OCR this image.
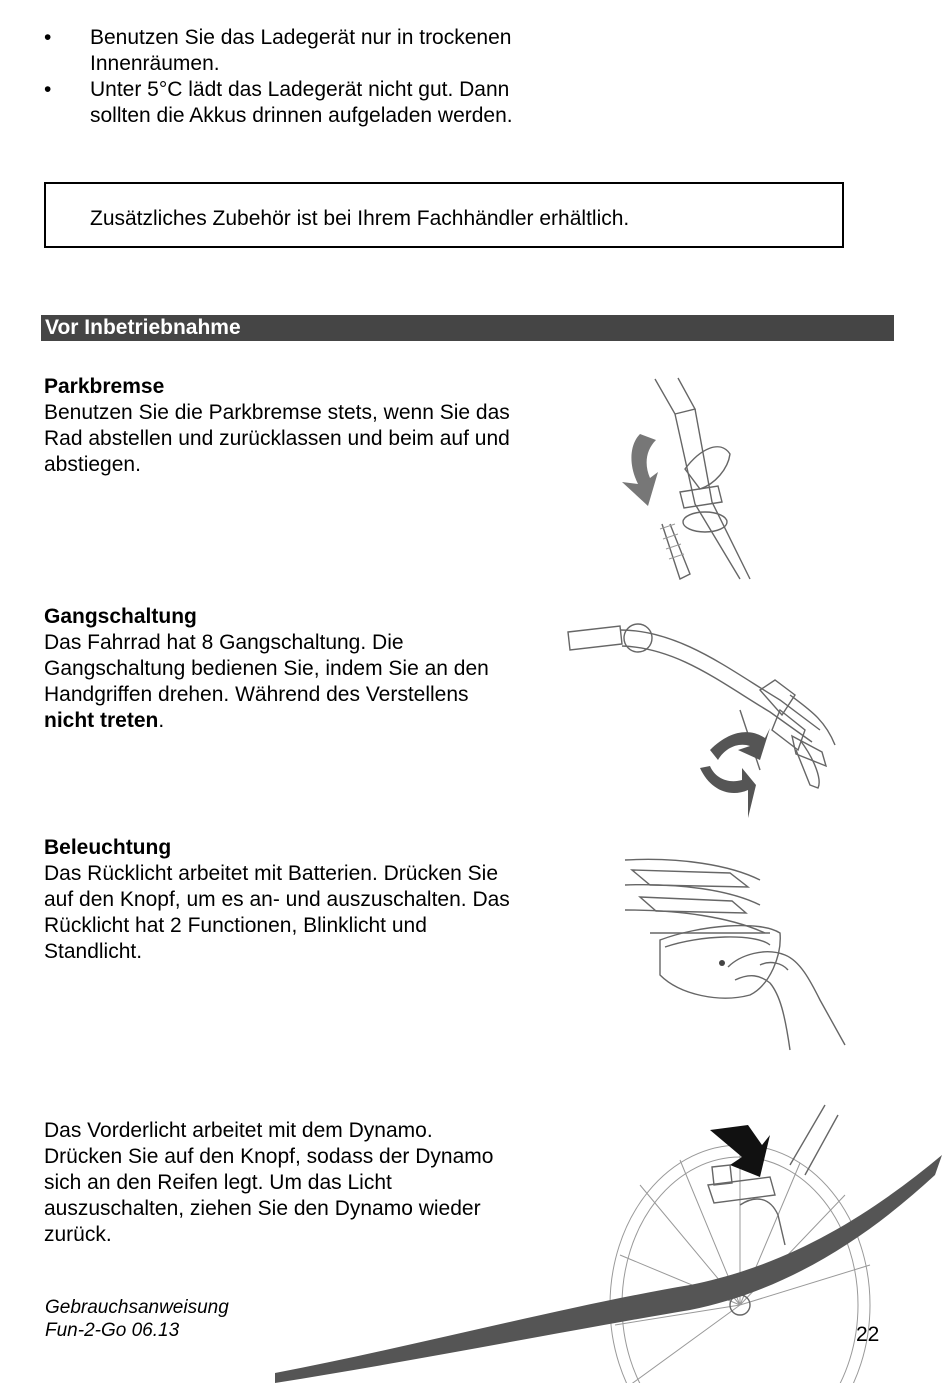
• Benutzen Sie das Ladegerät nur in trockenen Innenräumen.
• Unter 5°C lädt das Ladegerät nicht gut. Dann sollten die Akkus drinnen aufgeladen werden.
Zusätzliches Zubehör ist bei Ihrem Fachhändler erhältlich.
Vor Inbetriebnahme
Parkbremse

Benutzen Sie die Parkbremse stets, wenn Sie das Rad abstellen und zurücklassen und beim auf und abstiegen.

Gangschaltung

Das Fahrrad hat 8 Gangschaltung. Die Gangschaltung bedienen Sie, indem Sie an den Handgriffen drehen. Während des Verstellens nicht treten.

Beleuchtung

Das Rücklicht arbeitet mit Batterien. Drücken Sie auf den Knopf, um es an- und auszuschalten. Das Rücklicht hat 2 Functionen, Blinklicht und Standlicht.

Das Vorderlicht arbeitet mit dem Dynamo. Drücken Sie auf den Knopf, sodass der Dynamo sich an den Reifen legt. Um das Licht auszuschalten, ziehen Sie den Dynamo wieder zurück.

Gebrauchsanweisung
Fun-2-Go 06.13	22
